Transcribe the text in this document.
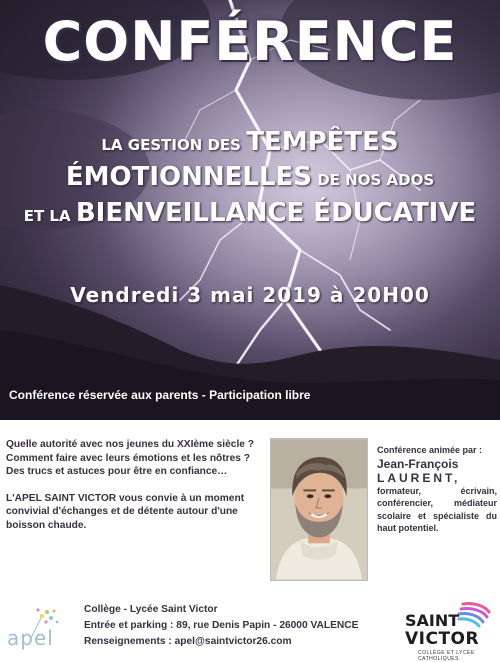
CONFÉRENCE
LA GESTION DES TEMPÊTES
ÉMOTIONNELLES DE NOS ADOS
ET LA BIENVEILLANCE ÉDUCATIVE
Vendredi 3 mai 2019 à 20H00
Conférence réservée aux parents - Participation libre

Quelle autorité avec nos jeunes du XXIème siècle ?

Comment faire avec leurs émotions et les nôtres ?

Des trucs et astuces pour être en confiance…

L'APEL SAINT VICTOR vous convie à un moment convivial d'échanges et de détente autour d'une boisson chaude.

Conférence animée par :
Jean-François
LAURENT,
formateur, écrivain, conférencier, médiateur scolaire et spécialiste du haut potentiel.
apel
Collège - Lycée Saint Victor
Entrée et parking : 89, rue Denis Papin - 26000 VALENCE
Renseignements : apel@saintvictor26.com
SAINT
VICTOR
COLLÈGE ET LYCÉE CATHOLIQUES
